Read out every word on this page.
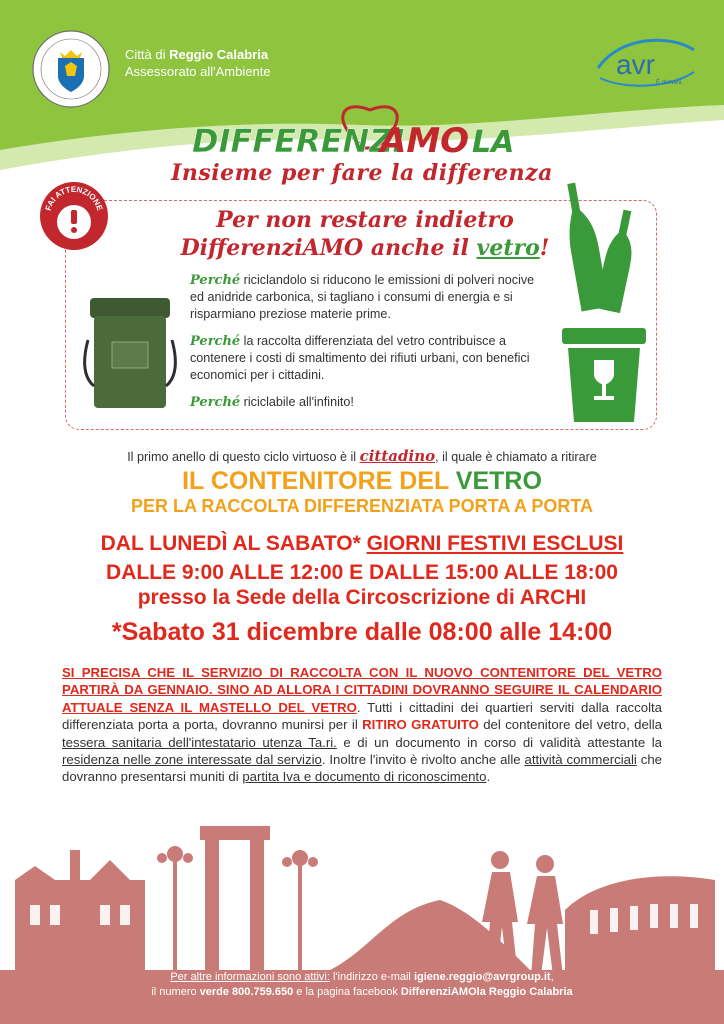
Città di Reggio Calabria
Assessorato all'Ambiente	avr
È domani.
DIFFERENZI
AMO LA
Insieme per fare la differenza
FAI ATTENZIONE	Per non restare indietro
DifferenziAMO anche il vetro!

Perché riciclandolo si riducono le emissioni di polveri nocive ed anidride carbonica, si tagliano i consumi di energia e si risparmiano preziose materie prime.

Perché la raccolta differenziata del vetro contribuisce a contenere i costi di smaltimento dei rifiuti urbani, con benefici economici per i cittadini.

Perché riciclabile all'infinito!

Il primo anello di questo ciclo virtuoso è il cittadino, il quale è chiamato a ritirare
IL CONTENITORE DEL VETRO
PER LA RACCOLTA DIFFERENZIATA PORTA A PORTA
DAL LUNEDÌ AL SABATO* GIORNI FESTIVI ESCLUSI
DALLE 9:00 ALLE 12:00 E DALLE 15:00 ALLE 18:00
presso la Sede della Circoscrizione di ARCHI
*Sabato 31 dicembre dalle 08:00 alle 14:00
SI PRECISA CHE IL SERVIZIO DI RACCOLTA CON IL NUOVO CONTENITORE DEL VETRO PARTIRÀ DA GENNAIO. SINO AD ALLORA I CITTADINI DOVRANNO SEGUIRE IL CALENDARIO ATTUALE SENZA IL MASTELLO DEL VETRO. Tutti i cittadini dei quartieri serviti dalla raccolta differenziata porta a porta, dovranno munirsi per il RITIRO GRATUITO del contenitore del vetro, della tessera sanitaria dell'intestatario utenza Ta.ri. e di un documento in corso di validità attestante la residenza nelle zone interessate dal servizio. Inoltre l'invito è rivolto anche alle attività commerciali che dovranno presentarsi muniti di partita Iva e documento di riconoscimento.
Per altre informazioni sono attivi: l'indirizzo e-mail igiene.reggio@avrgroup.it,
il numero verde 800.759.650 e la pagina facebook DifferenziAMOla Reggio Calabria
